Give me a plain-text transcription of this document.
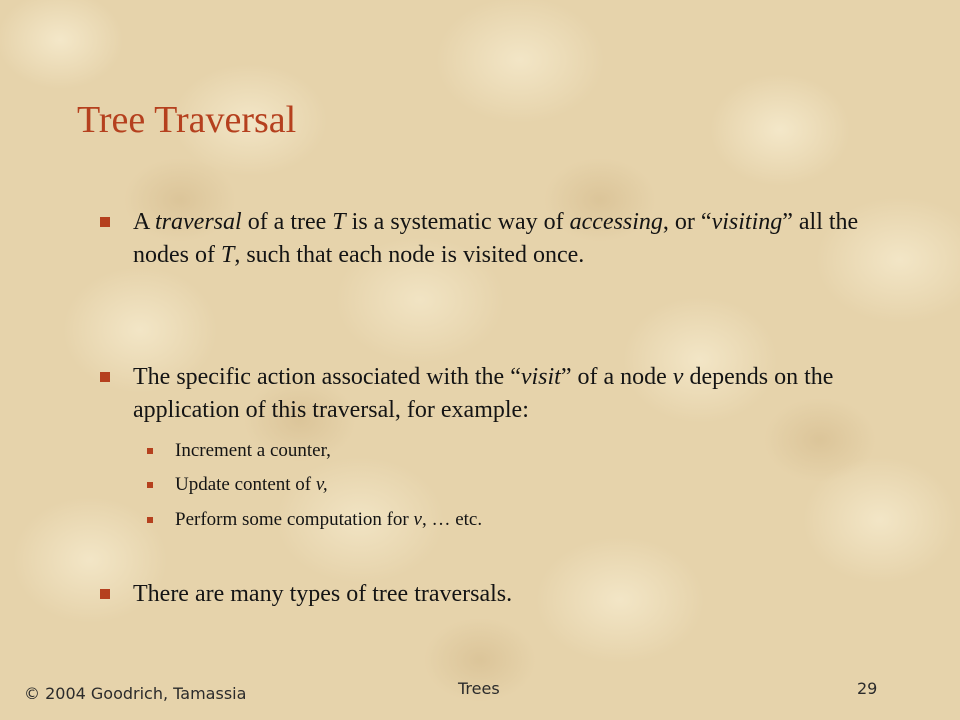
Tree Traversal
A traversal of a tree T is a systematic way of accessing, or “visiting” all the nodes of T, such that each node is visited once.
The specific action associated with the “visit” of a node v depends on the application of this traversal, for example:
Increment a counter,
Update content of v,
Perform some computation for v, … etc.
There are many types of tree traversals.
© 2004 Goodrich, Tamassia	Trees	29
